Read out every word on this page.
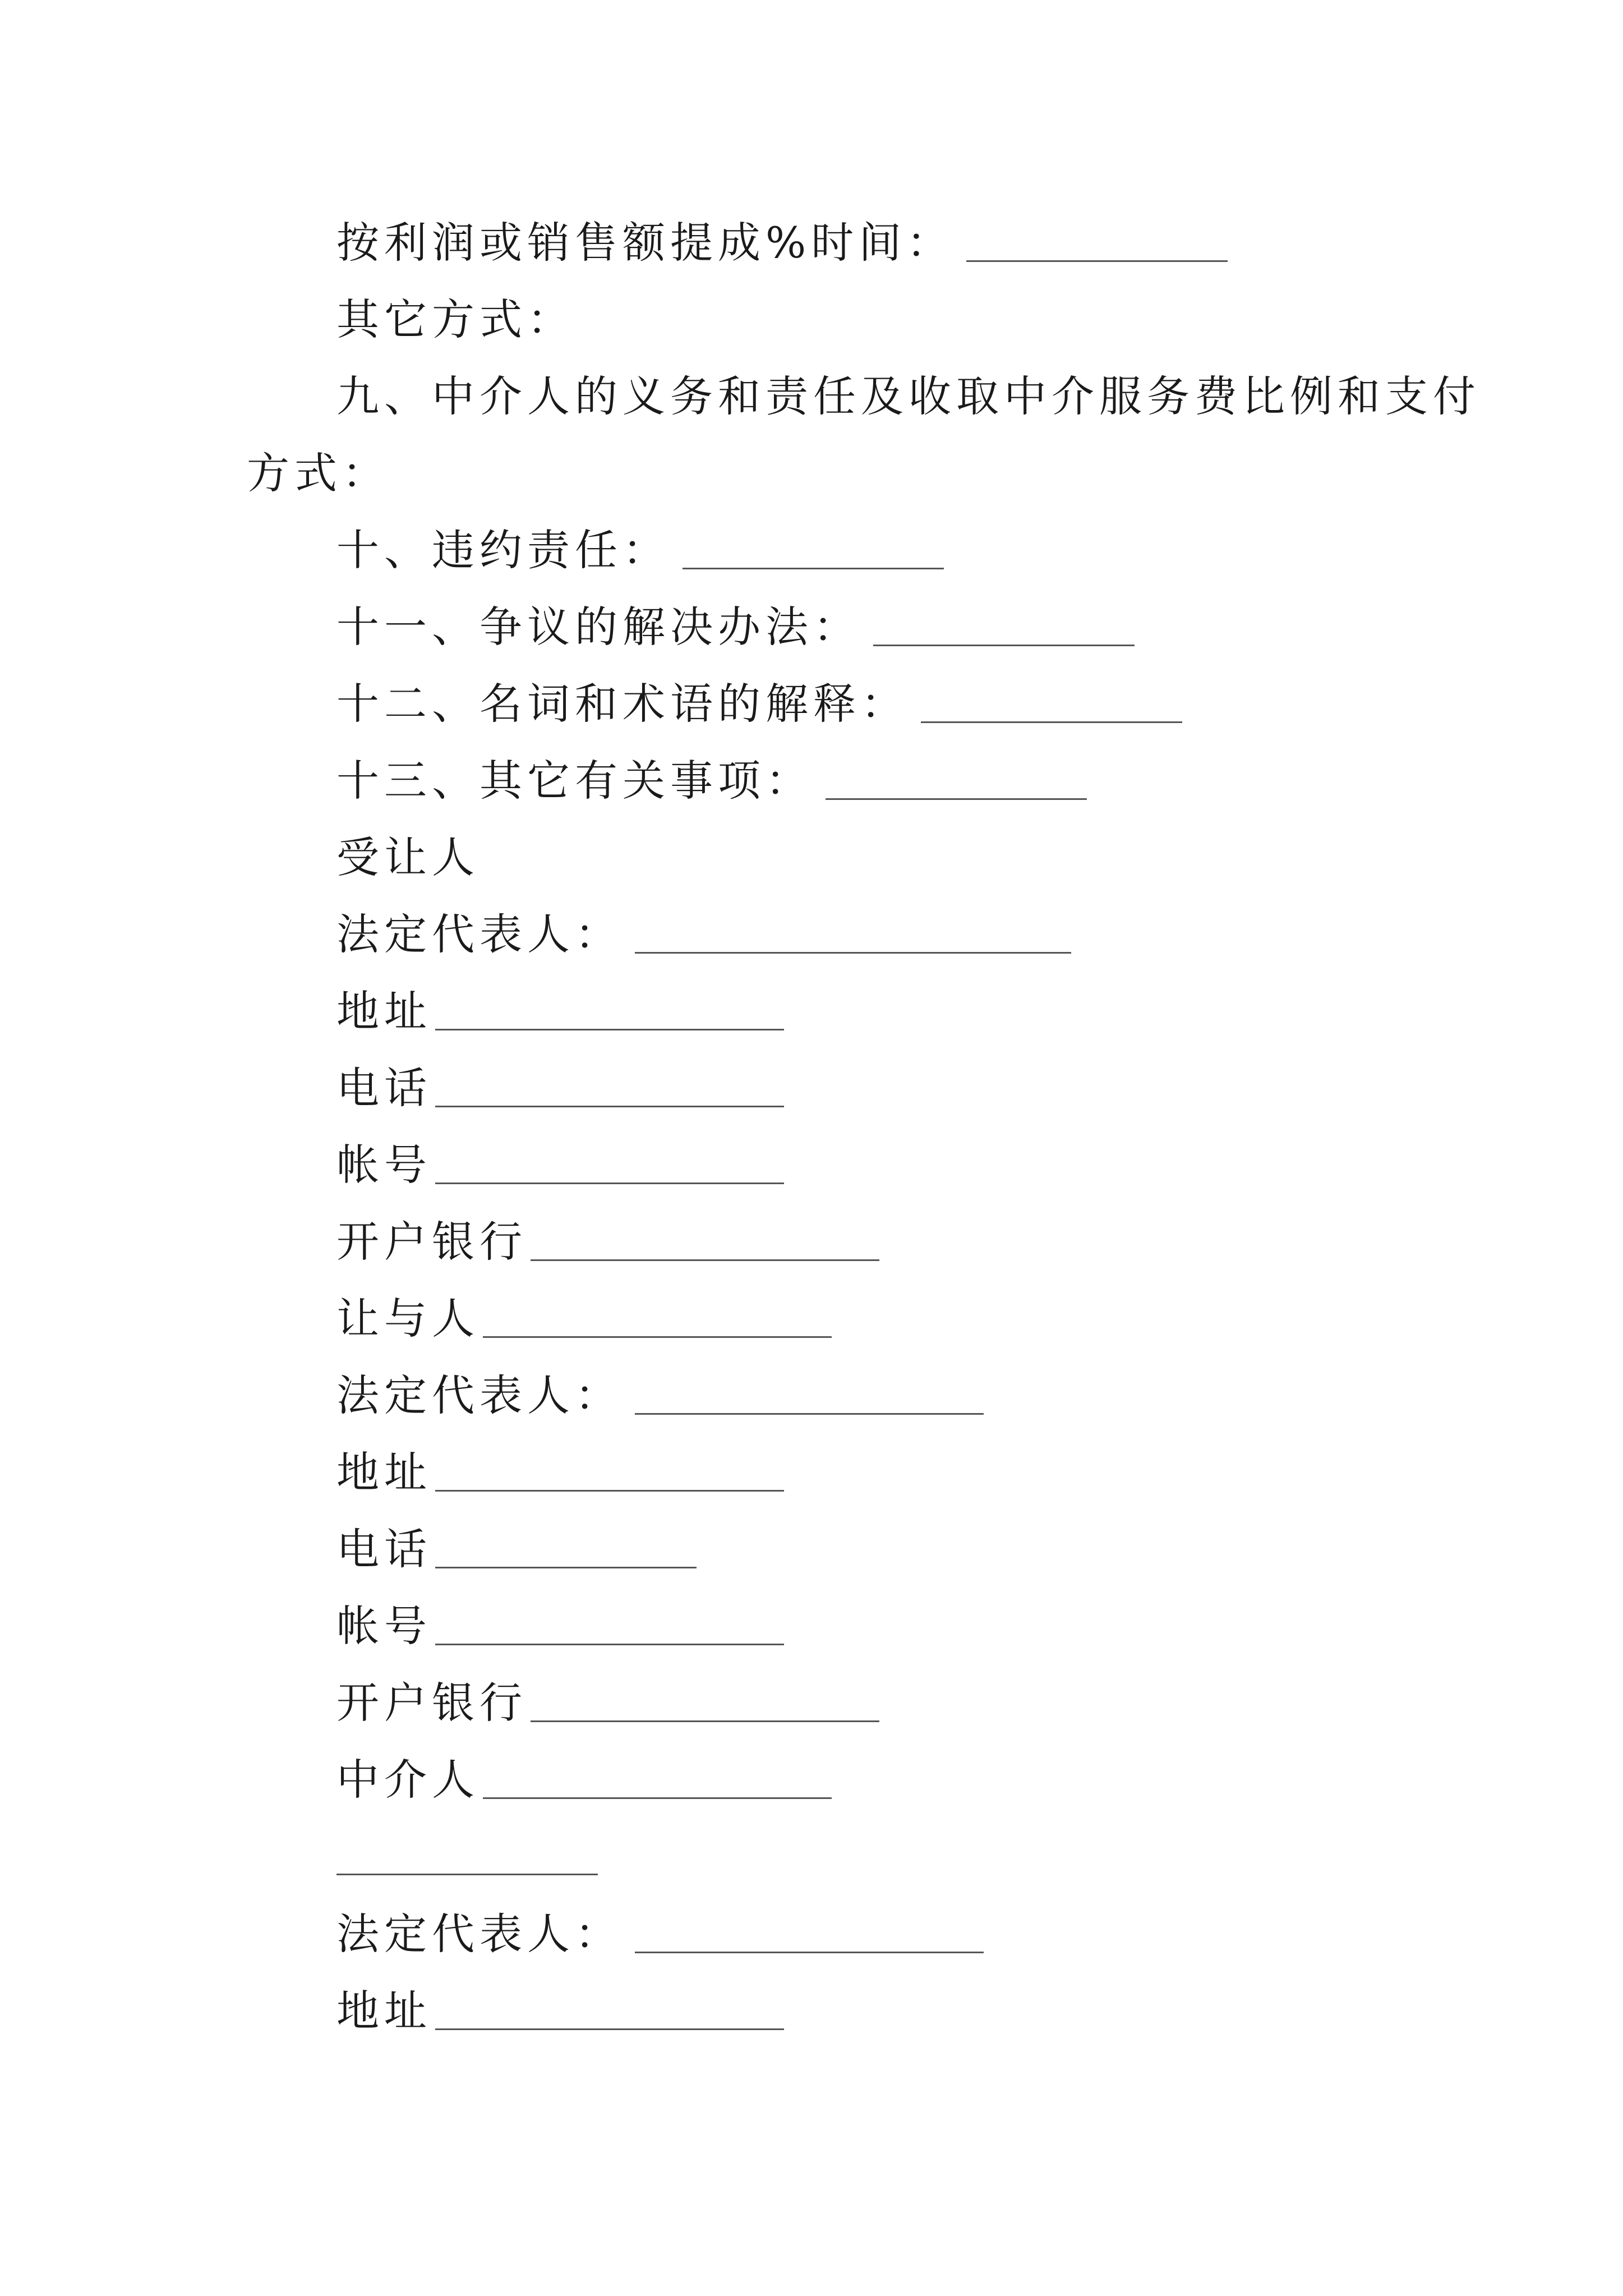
按利润或销售额提成%时间：
其它方式：
九、中介人的义务和责任及收取中介服务费比例和支付
方式：
十、违约责任：
十一、争议的解决办法：
十二、名词和术语的解释：
十三、其它有关事项：
受让人
法定代表人：
地址
电话
帐号
开户银行
让与人
法定代表人：
地址
电话
帐号
开户银行
中介人
法定代表人：
地址
